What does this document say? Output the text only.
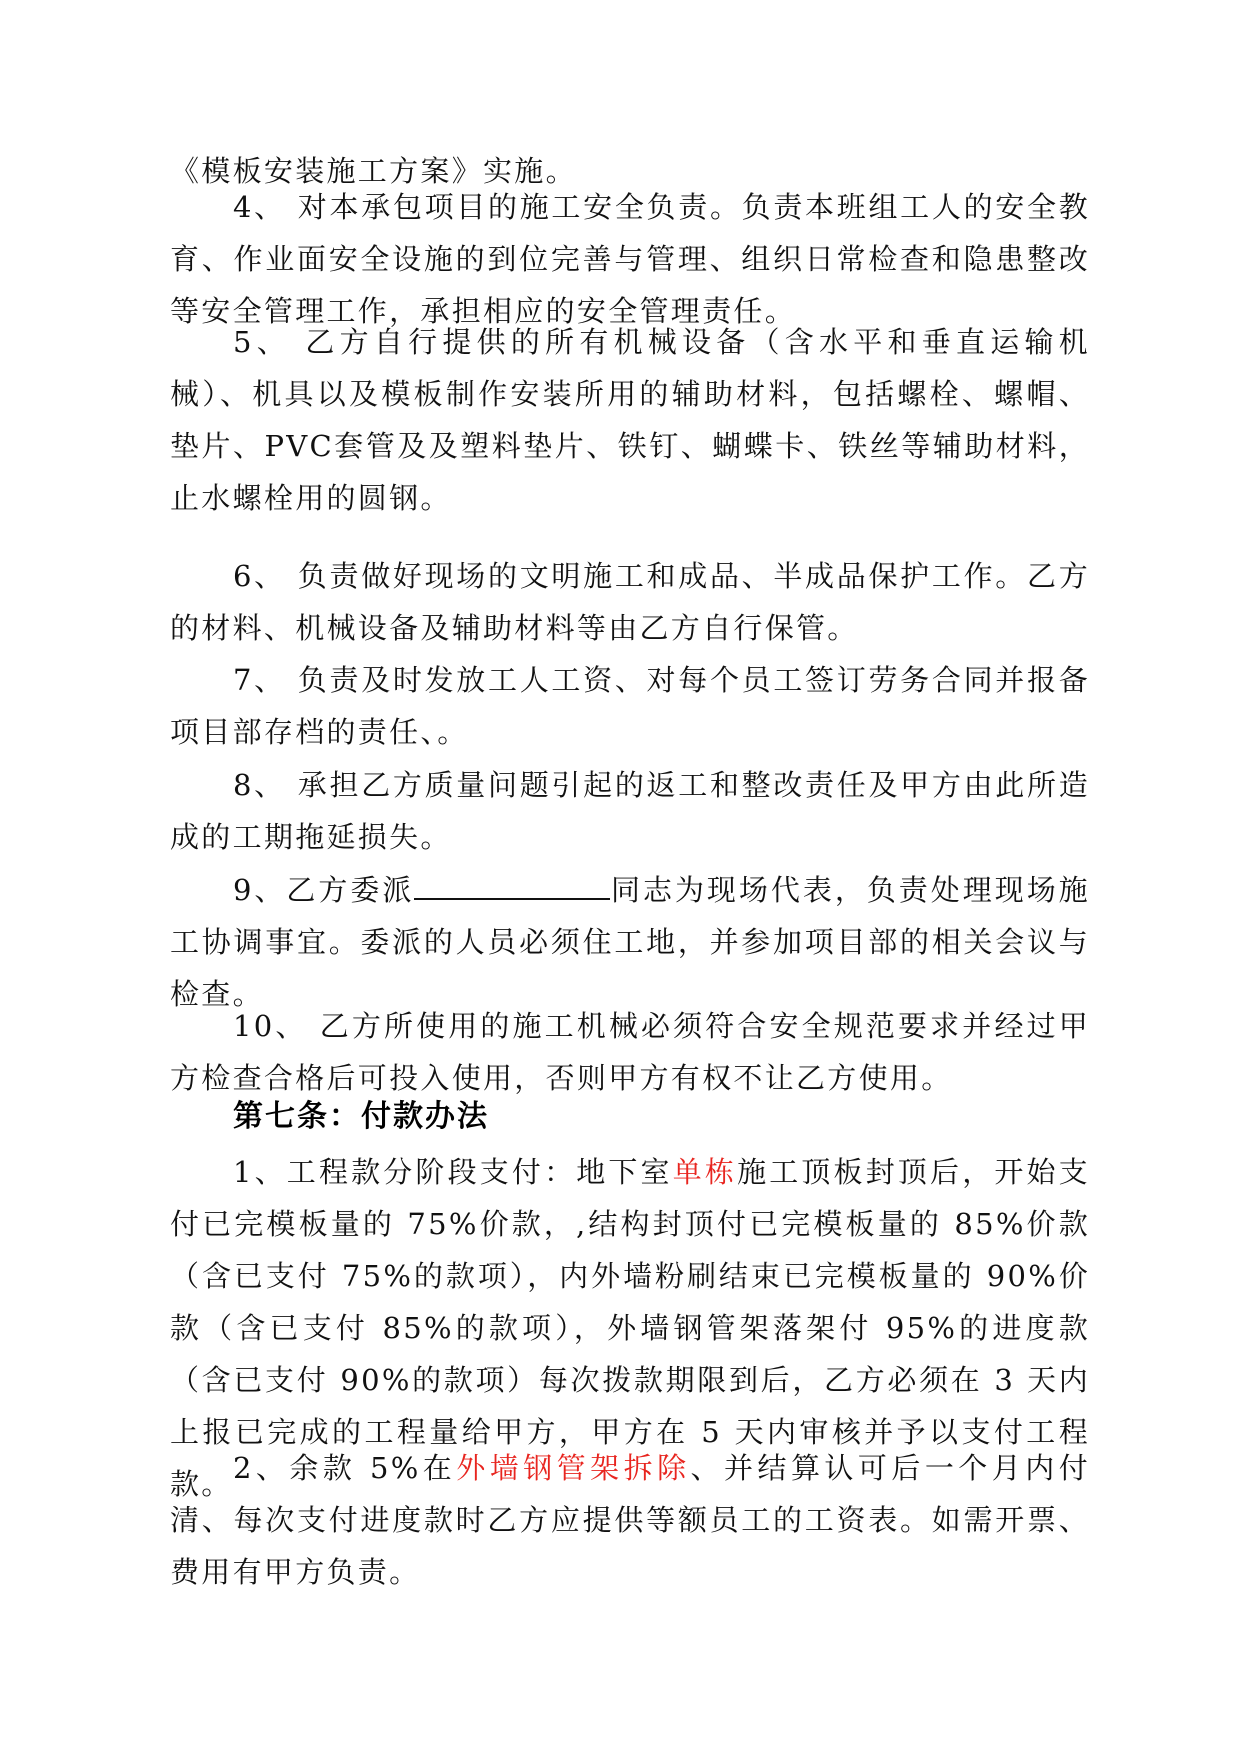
《模板安装施工方案》实施。

4、 对本承包项目的施工安全负责。负责本班组工人的安全教育、作业面安全设施的到位完善与管理、组织日常检查和隐患整改等安全管理工作，承担相应的安全管理责任。

5、 乙方自行提供的所有机械设备（含水平和垂直运输机械）、机具以及模板制作安装所用的辅助材料，包括螺栓、螺帽、垫片、PVC套管及及塑料垫片、铁钉、蝴蝶卡、铁丝等辅助材料，止水螺栓用的圆钢。

6、 负责做好现场的文明施工和成品、半成品保护工作。乙方的材料、机械设备及辅助材料等由乙方自行保管。

7、 负责及时发放工人工资、对每个员工签订劳务合同并报备项目部存档的责任、。

8、 承担乙方质量问题引起的返工和整改责任及甲方由此所造成的工期拖延损失。

9、乙方委派	同志为现场代表，负责处理现场施工协调事宜。委派的人员必须住工地，并参加项目部的相关会议与检查。

10、 乙方所使用的施工机械必须符合安全规范要求并经过甲方检查合格后可投入使用，否则甲方有权不让乙方使用。

第七条：付款办法

1、工程款分阶段支付：地下室单栋施工顶板封顶后，开始支付已完模板量的 75%价款，,结构封顶付已完模板量的 85%价款（含已支付 75%的款项），内外墙粉刷结束已完模板量的 90%价款（含已支付 85%的款项），外墙钢管架落架付 95%的进度款（含已支付 90%的款项）每次拨款期限到后，乙方必须在 3 天内上报已完成的工程量给甲方，甲方在 5 天内审核并予以支付工程款。 2、余款 5%在外墙钢管架拆除、并结算认可后一个月内付清、每次支付进度款时乙方应提供等额员工的工资表。如需开票、费用有甲方负责。
